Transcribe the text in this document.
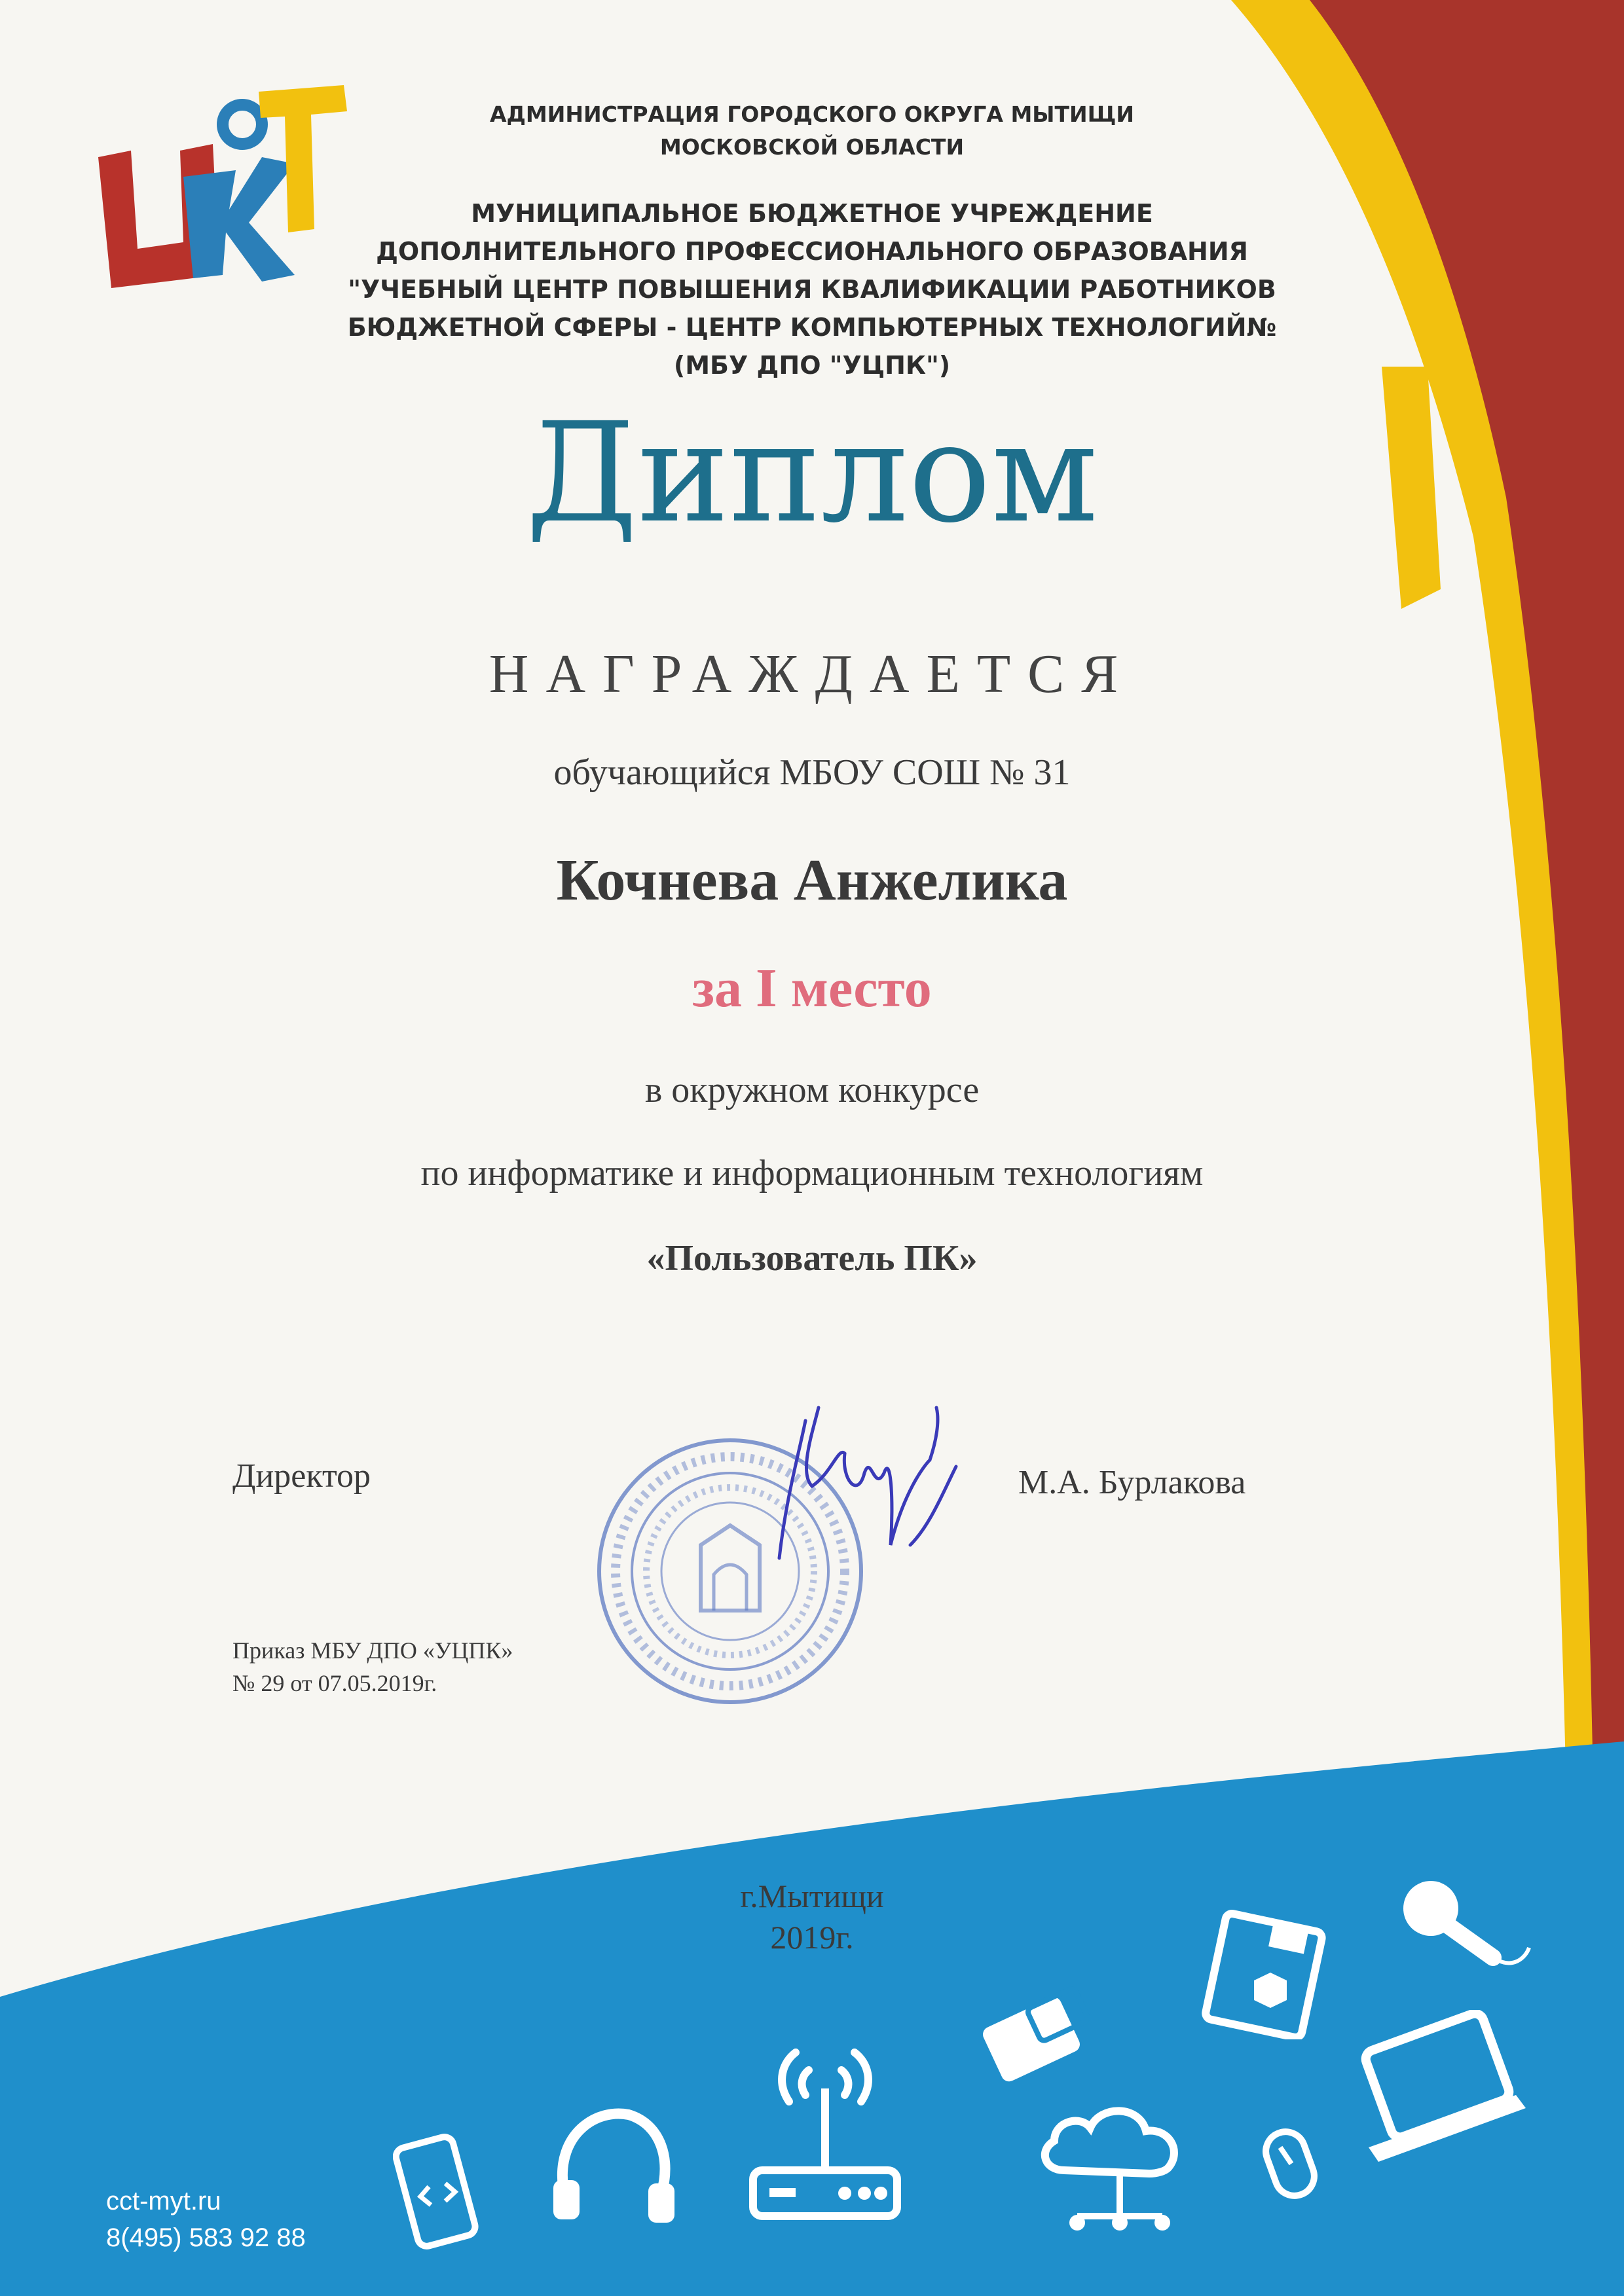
АДМИНИСТРАЦИЯ ГОРОДСКОГО ОКРУГА МЫТИЩИ
МОСКОВСКОЙ ОБЛАСТИ
МУНИЦИПАЛЬНОЕ БЮДЖЕТНОЕ УЧРЕЖДЕНИЕ
ДОПОЛНИТЕЛЬНОГО ПРОФЕССИОНАЛЬНОГО ОБРАЗОВАНИЯ
"УЧЕБНЫЙ ЦЕНТР ПОВЫШЕНИЯ КВАЛИФИКАЦИИ РАБОТНИКОВ
БЮДЖЕТНОЙ СФЕРЫ - ЦЕНТР КОМПЬЮТЕРНЫХ ТЕХНОЛОГИЙ№
(МБУ ДПО "УЦПК")
Диплом
НАГРАЖДАЕТСЯ
обучающийся МБОУ СОШ № 31
Кочнева Анжелика
за I место
в окружном конкурсе
по информатике и информационным технологиям
«Пользователь ПК»
Директор	М.А. Бурлакова
Приказ МБУ ДПО «УЦПК»
№ 29 от 07.05.2019г.
г.Мытищи
2019г.
cct-myt.ru
8(495) 583 92 88
